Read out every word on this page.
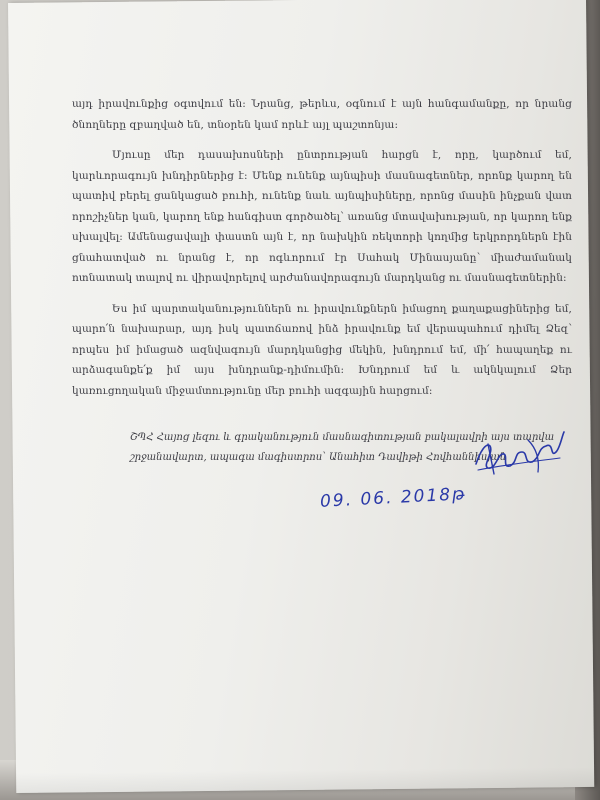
այդ իրավունքից օգտվում են: Նրանց, թերևս, օգնում է այն հանգամանքը, որ նրանց ծնողները զբաղված են, տնօրեն կամ որևէ այլ պաշտոնյա:

Մյուսը մեր դասախոսների ընտրության հարցն է, որը, կարծում եմ, կարևորագույն խնդիրներից է: Մենք ունենք այնպիսի մասնագետներ, որոնք կարող են պատիվ բերել ցանկացած բուհի, ունենք նաև այնպիսիները, որոնց մասին ինչքան վատ որոշիչներ կան, կարող ենք հանգիստ գործածել՝ առանց մտավախության, որ կարող ենք սխալվել: Ամենացավալի փաստն այն է, որ նախկին ռեկտորի կողմից երկրորդներն էին ցնահատված ու նրանց է, որ ոգևորում էր Սահակ Մինասյանը՝ միաժամանակ ոտնատակ տալով ու վիրավորելով արժանավորագույն մարդկանց ու մասնագետներին:

Ես իմ պարտականություններն ու իրավունքներն իմացող քաղաքացիներից եմ, պարո՛ն նախարար, այդ իսկ պատճառով ինձ իրավունք եմ վերապահում դիմել Ձեզ՝ որպես իմ իմացած ազնվագույն մարդկանցից մեկին, խնդրում եմ, մի՛ հապաղեք ու արձագանքե՛ք իմ այս խնդրանք-դիմումին: Խնդրում եմ և ակնկալում Ձեր կառուցողական միջամտությունը մեր բուհի ազգային հարցում:

ՇՊՀ Հայոց լեզու և գրականություն մասնագիտության բակալավրի այս տարվա շրջանավարտ, ապագա մագիստրոս՝ Անահիտ Դավիթի Հովհաննիսյան
09. 06. 2018թ
